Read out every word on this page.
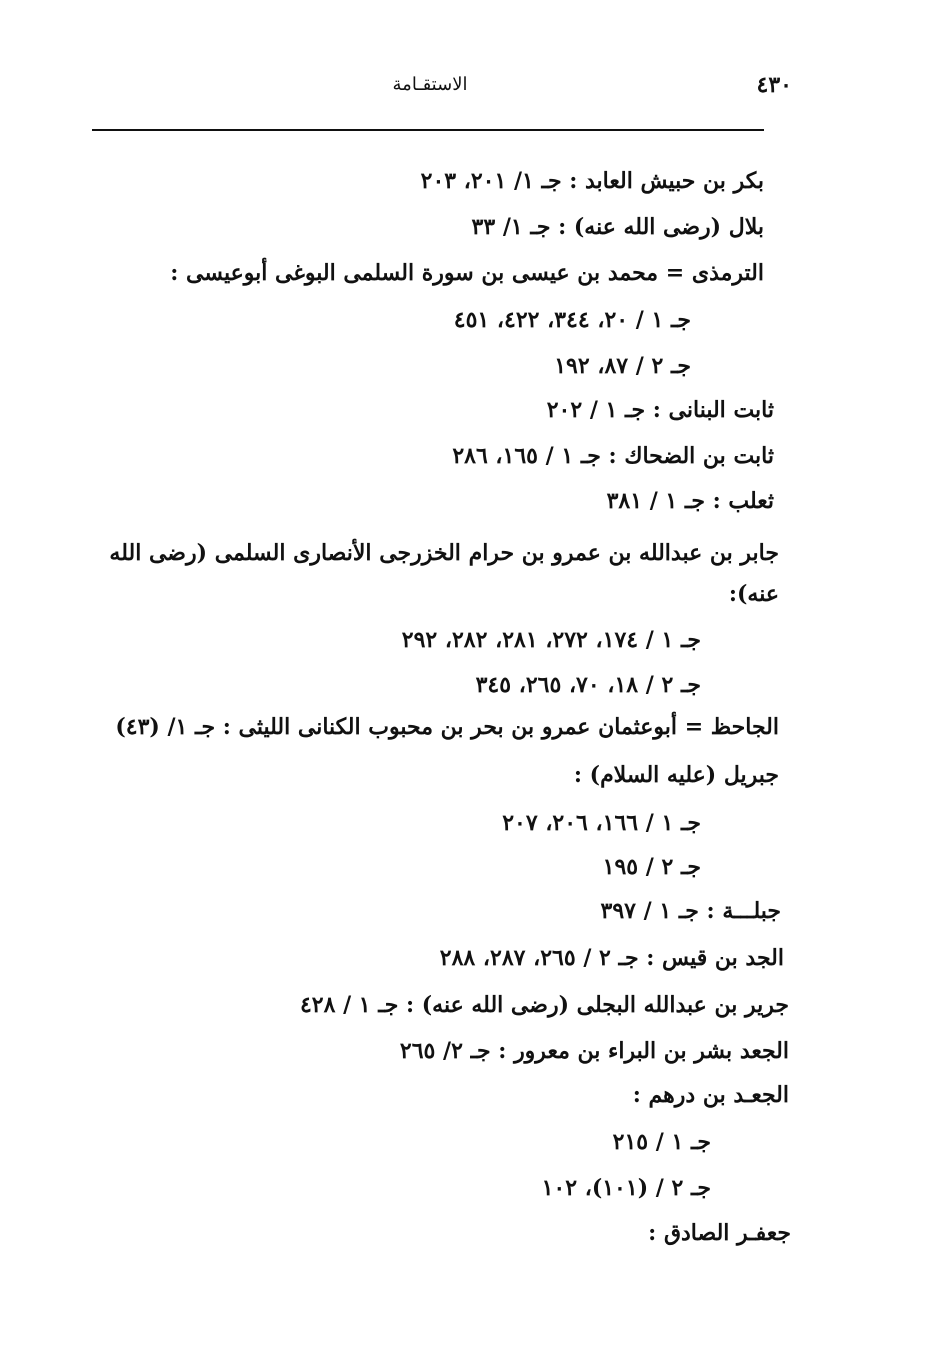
٤٣٠
الاستقـامة
بكر بن حبيش العابد : جـ ١/ ٢٠١، ٢٠٣
بلال (رضى الله عنه) : جـ ١/ ٣٣
الترمذى = محمد بن عيسى بن سورة السلمى البوغى أبوعيسى :
جـ ١ / ٢٠، ٣٤٤، ٤٢٢، ٤٥١
جـ ٢ / ٨٧، ١٩٢
ثابت البنانى : جـ ١ / ٢٠٢
ثابت بن الضحاك : جـ ١ / ١٦٥، ٢٨٦
ثعلب : جـ ١ / ٣٨١
جابر بن عبدالله بن عمرو بن حرام الخزرجى الأنصارى السلمى (رضى الله عنه):
جـ ١ / ١٧٤، ٢٧٢، ٢٨١، ٢٨٢، ٢٩٢
جـ ٢ / ١٨، ٧٠، ٢٦٥، ٣٤٥
الجاحظ = أبوعثمان عمرو بن بحر بن محبوب الكنانى الليثى : جـ ١/ (٤٣)
جبريل (عليه السلام) :
جـ ١ / ١٦٦، ٢٠٦، ٢٠٧
جـ ٢ / ١٩٥
جبلـــة : جـ ١ / ٣٩٧
الجد بن قيس : جـ ٢ / ٢٦٥، ٢٨٧، ٢٨٨
جرير بن عبدالله البجلى (رضى الله عنه) : جـ ١ / ٤٢٨
الجعد بشر بن البراء بن معرور : جـ ٢/ ٢٦٥
الجعـد بن درهم :
جـ ١ / ٢١٥
جـ ٢ / (١٠١)، ١٠٢
جعفـر الصادق :
